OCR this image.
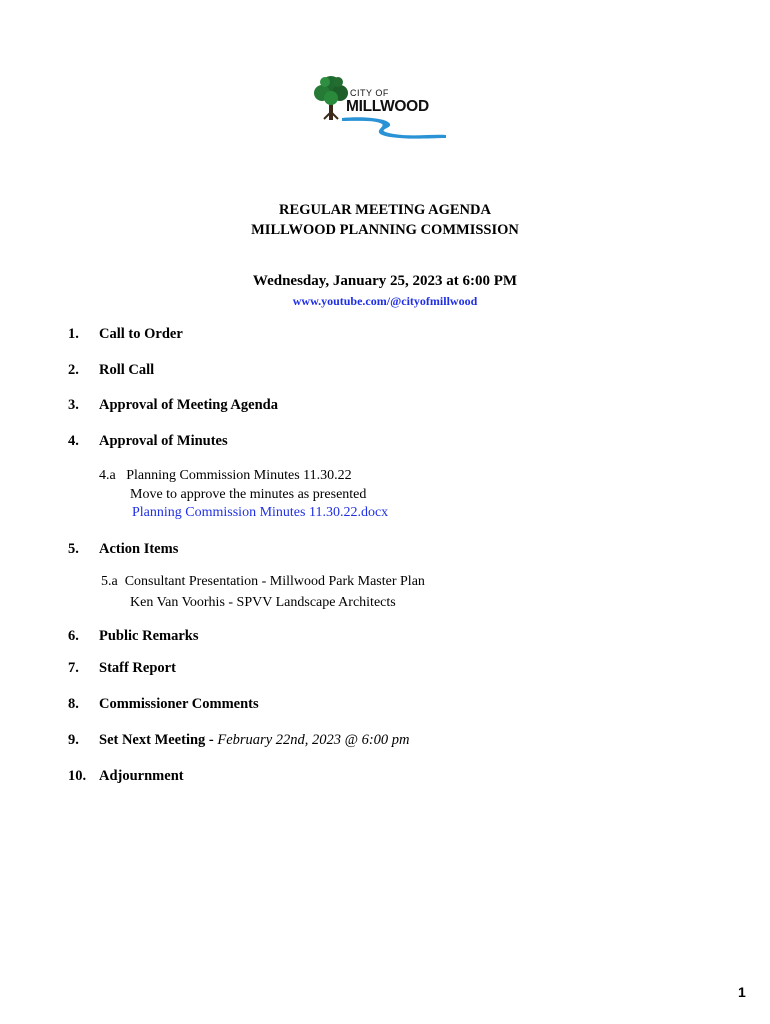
CITY OF
MILLWOOD
REGULAR MEETING AGENDA
MILLWOOD PLANNING COMMISSION
Wednesday, January 25, 2023 at 6:00 PM
www.youtube.com/@cityofmillwood
1. Call to Order
2. Roll Call
3. Approval of Meeting Agenda
4. Approval of Minutes
4.a   Planning Commission Minutes 11.30.22
Move to approve the minutes as presented
Planning Commission Minutes 11.30.22.docx
5. Action Items
5.a  Consultant Presentation - Millwood Park Master Plan
Ken Van Voorhis - SPVV Landscape Architects
6. Public Remarks
7. Staff Report
8. Commissioner Comments
9. Set Next Meeting - February 22nd, 2023 @ 6:00 pm
10. Adjournment
1
